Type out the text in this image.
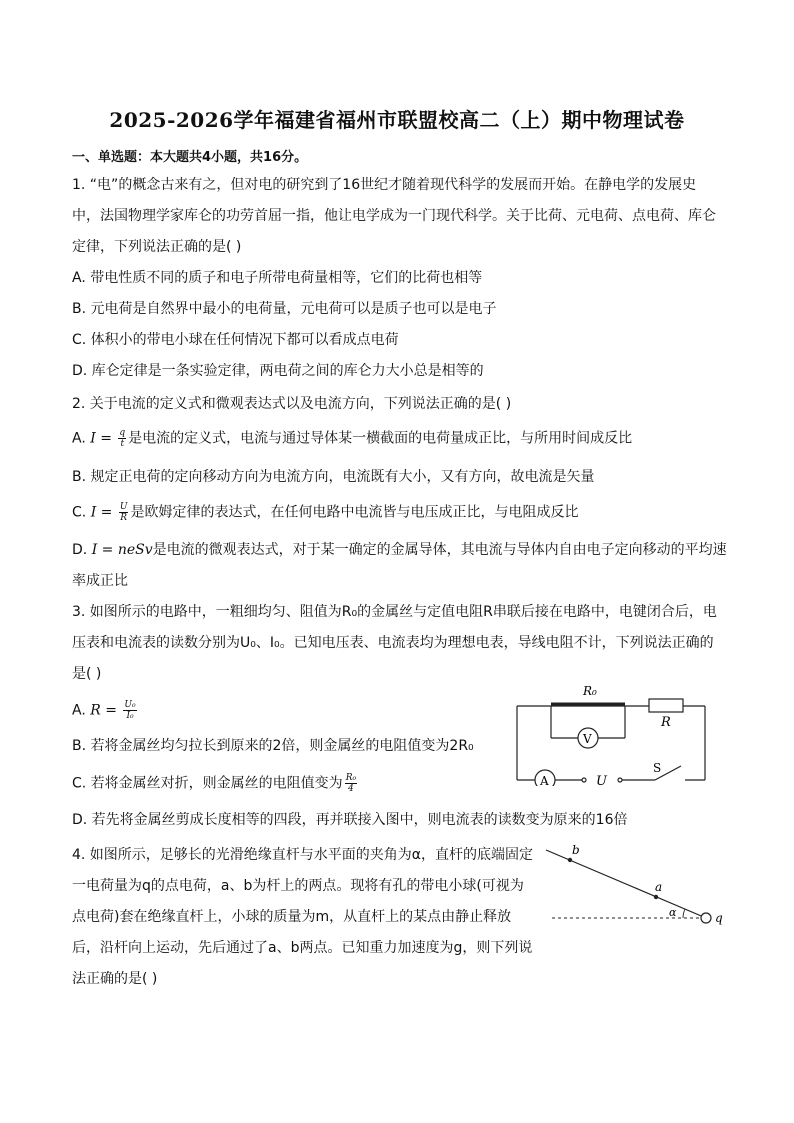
2025-2026学年福建省福州市联盟校高二（上）期中物理试卷
一、单选题：本大题共4小题，共16分。
1. “电”的概念古来有之，但对电的研究到了16世纪才随着现代科学的发展而开始。在静电学的发展史
中，法国物理学家库仑的功劳首屈一指，他让电学成为一门现代科学。关于比荷、元电荷、点电荷、库仑
定律，下列说法正确的是( )
A. 带电性质不同的质子和电子所带电荷量相等，它们的比荷也相等
B. 元电荷是自然界中最小的电荷量，元电荷可以是质子也可以是电子
C. 体积小的带电小球在任何情况下都可以看成点电荷
D. 库仑定律是一条实验定律，两电荷之间的库仑力大小总是相等的
2. 关于电流的定义式和微观表达式以及电流方向，下列说法正确的是( )
A. $I = \frac{q}{t}$ 是电流的定义式，电流与通过导体某一横截面的电荷量成正比，与所用时间成反比
B. 规定正电荷的定向移动方向为电流方向，电流既有大小，又有方向，故电流是矢量
C. $I = \frac{U}{R}$ 是欧姆定律的表达式，在任何电路中电流皆与电压成正比，与电阻成反比
D. I = neSv是电流的微观表达式，对于某一确定的金属导体，其电流与导体内自由电子定向移动的平均速
率成正比
3. 如图所示的电路中，一粗细均匀、阻值为R₀的金属丝与定值电阻R串联后接在电路中，电键闭合后，电
压表和电流表的读数分别为U₀、I₀。已知电压表、电流表均为理想电表，导线电阻不计，下列说法正确的
是( )
A. $R = \frac{\text{U₀}}{\text{I₀}}$
B. 若将金属丝均匀拉长到原来的2倍，则金属丝的电阻值变为2R₀
C. 若将金属丝对折，则金属丝的电阻值变为 $\frac{\text{R₀}}{4}$
D. 若先将金属丝剪成长度相等的四段，再并联接入图中，则电流表的读数变为原来的16倍
R₀
R
V
A	U
S
4. 如图所示，足够长的光滑绝缘直杆与水平面的夹角为α，直杆的底端固定
一电荷量为q的点电荷，a、b为杆上的两点。现将有孔的带电小球(可视为
点电荷)套在绝缘直杆上，小球的质量为m，从直杆上的某点由静止释放
后，沿杆向上运动，先后通过了a、b两点。已知重力加速度为g，则下列说
法正确的是( )
b
a
α	q
